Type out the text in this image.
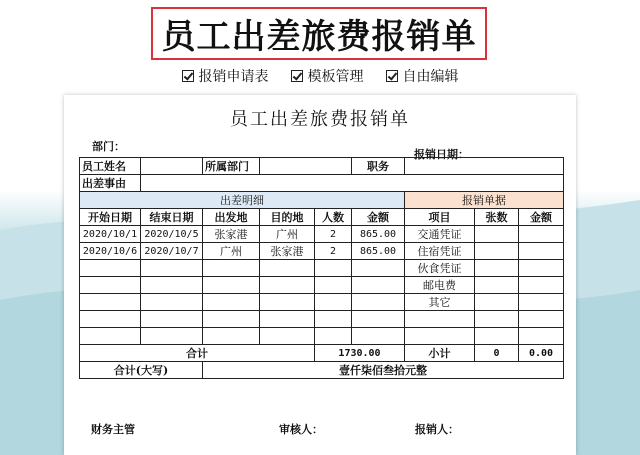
员工出差旅费报销单
报销申请表	模板管理	自由编辑
员工出差旅费报销单
部门：
报销日期：
员工姓名		所属部门			职务			
出差事由								
出差明细						报销单据		
开始日期	结束日期	出发地	目的地	人数	金额	项目	张数	金额
2020/10/1	2020/10/5	张家港	广州	2	865.00	交通凭证		
2020/10/6	2020/10/7	广州	张家港	2	865.00	住宿凭证		
						伙食凭证		
						邮电费		
						其它		

合计				1730.00		小计	0	0.00
合计(大写)		壹仟柒佰叁拾元整						
财务主管	审核人：	报销人：
